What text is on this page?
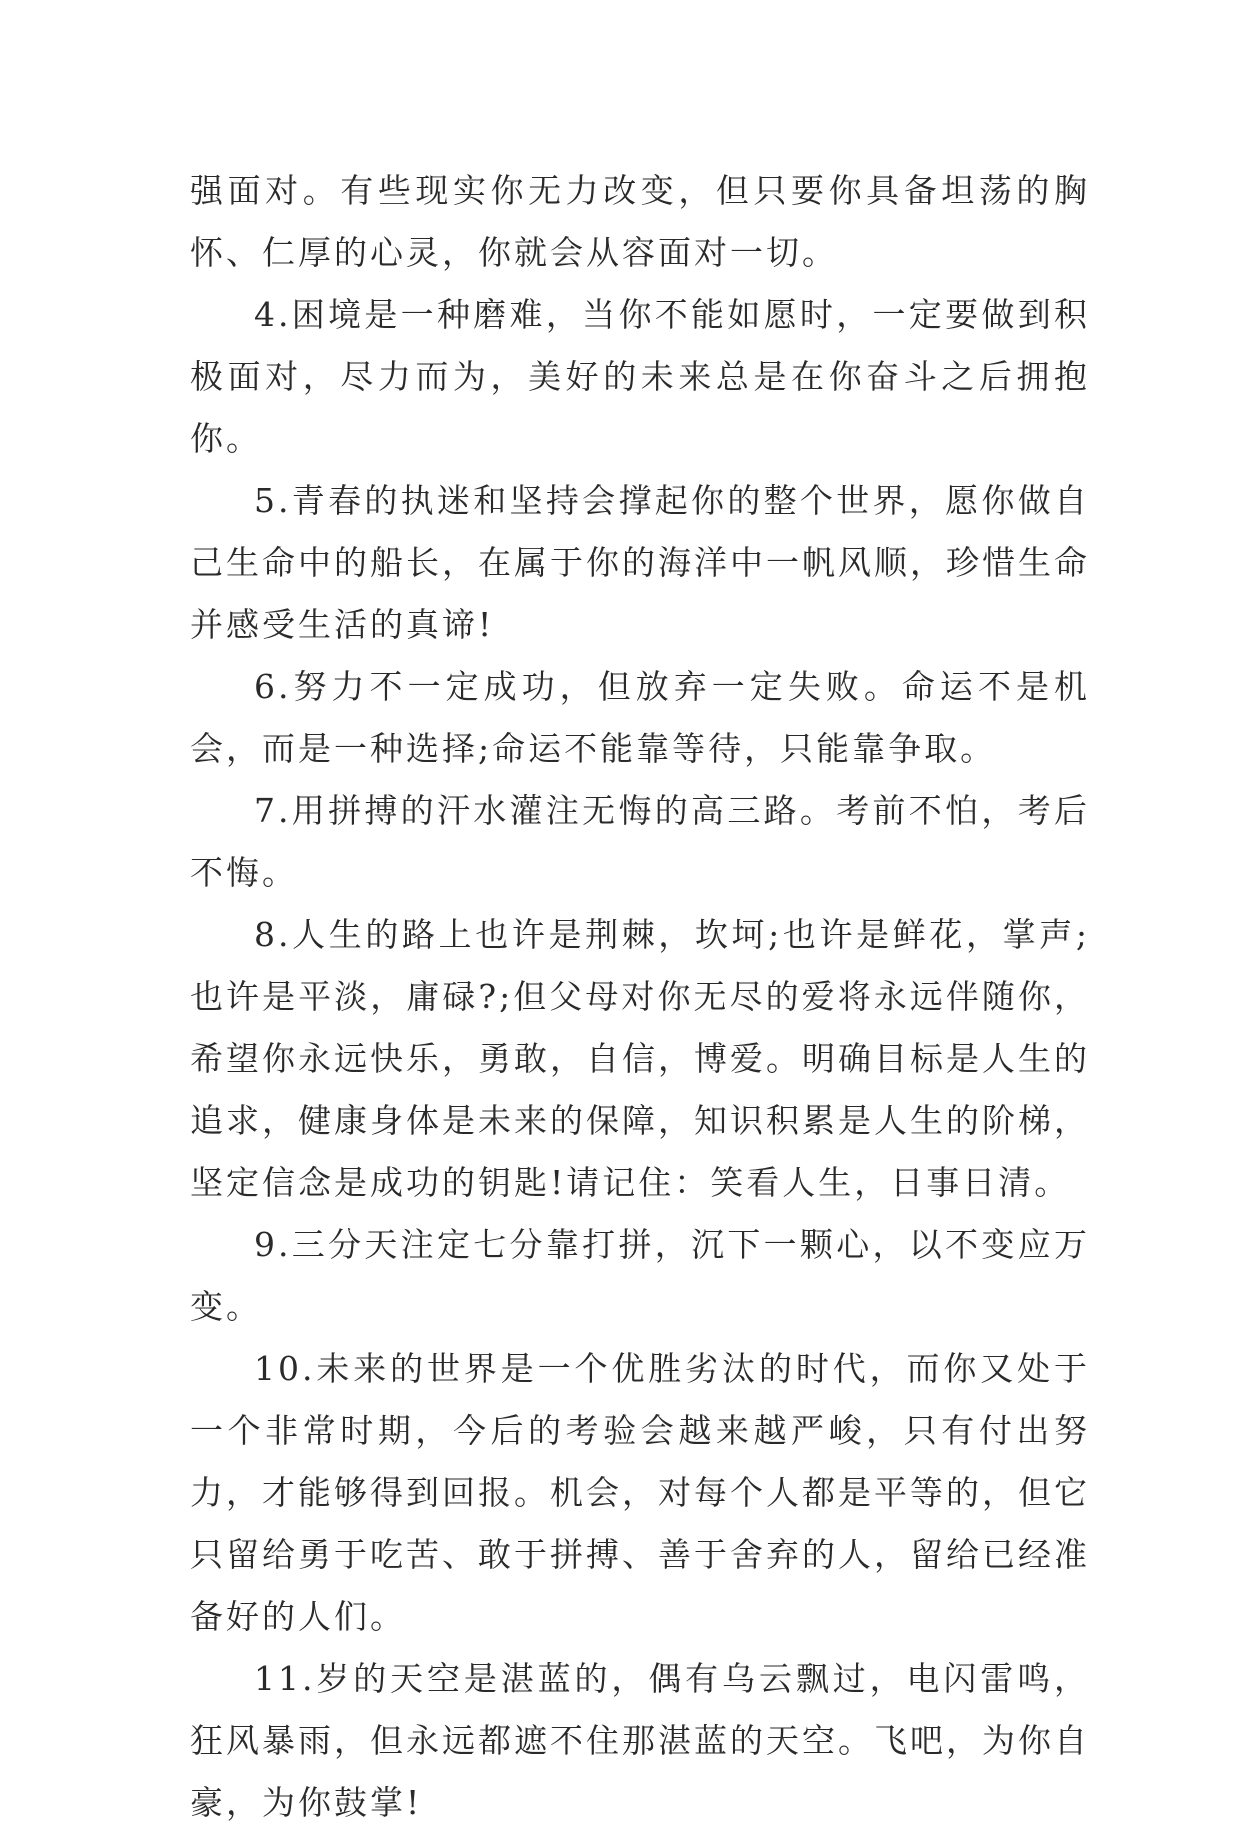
强面对。有些现实你无力改变，但只要你具备坦荡的胸怀、仁厚的心灵，你就会从容面对一切。

4.困境是一种磨难，当你不能如愿时，一定要做到积极面对，尽力而为，美好的未来总是在你奋斗之后拥抱你。

5.青春的执迷和坚持会撑起你的整个世界，愿你做自己生命中的船长，在属于你的海洋中一帆风顺，珍惜生命并感受生活的真谛!

6.努力不一定成功，但放弃一定失败。命运不是机会，而是一种选择;命运不能靠等待，只能靠争取。

7.用拼搏的汗水灌注无悔的高三路。考前不怕，考后不悔。

8.人生的路上也许是荆棘，坎坷;也许是鲜花，掌声;也许是平淡，庸碌?;但父母对你无尽的爱将永远伴随你，希望你永远快乐，勇敢，自信，博爱。明确目标是人生的追求，健康身体是未来的保障，知识积累是人生的阶梯，坚定信念是成功的钥匙!请记住：笑看人生，日事日清。

9.三分天注定七分靠打拼，沉下一颗心，以不变应万变。

10.未来的世界是一个优胜劣汰的时代，而你又处于一个非常时期，今后的考验会越来越严峻，只有付出努力，才能够得到回报。机会，对每个人都是平等的，但它只留给勇于吃苦、敢于拼搏、善于舍弃的人，留给已经准备好的人们。

11.岁的天空是湛蓝的，偶有乌云飘过，电闪雷鸣，狂风暴雨，但永远都遮不住那湛蓝的天空。飞吧，为你自豪，为你鼓掌!
